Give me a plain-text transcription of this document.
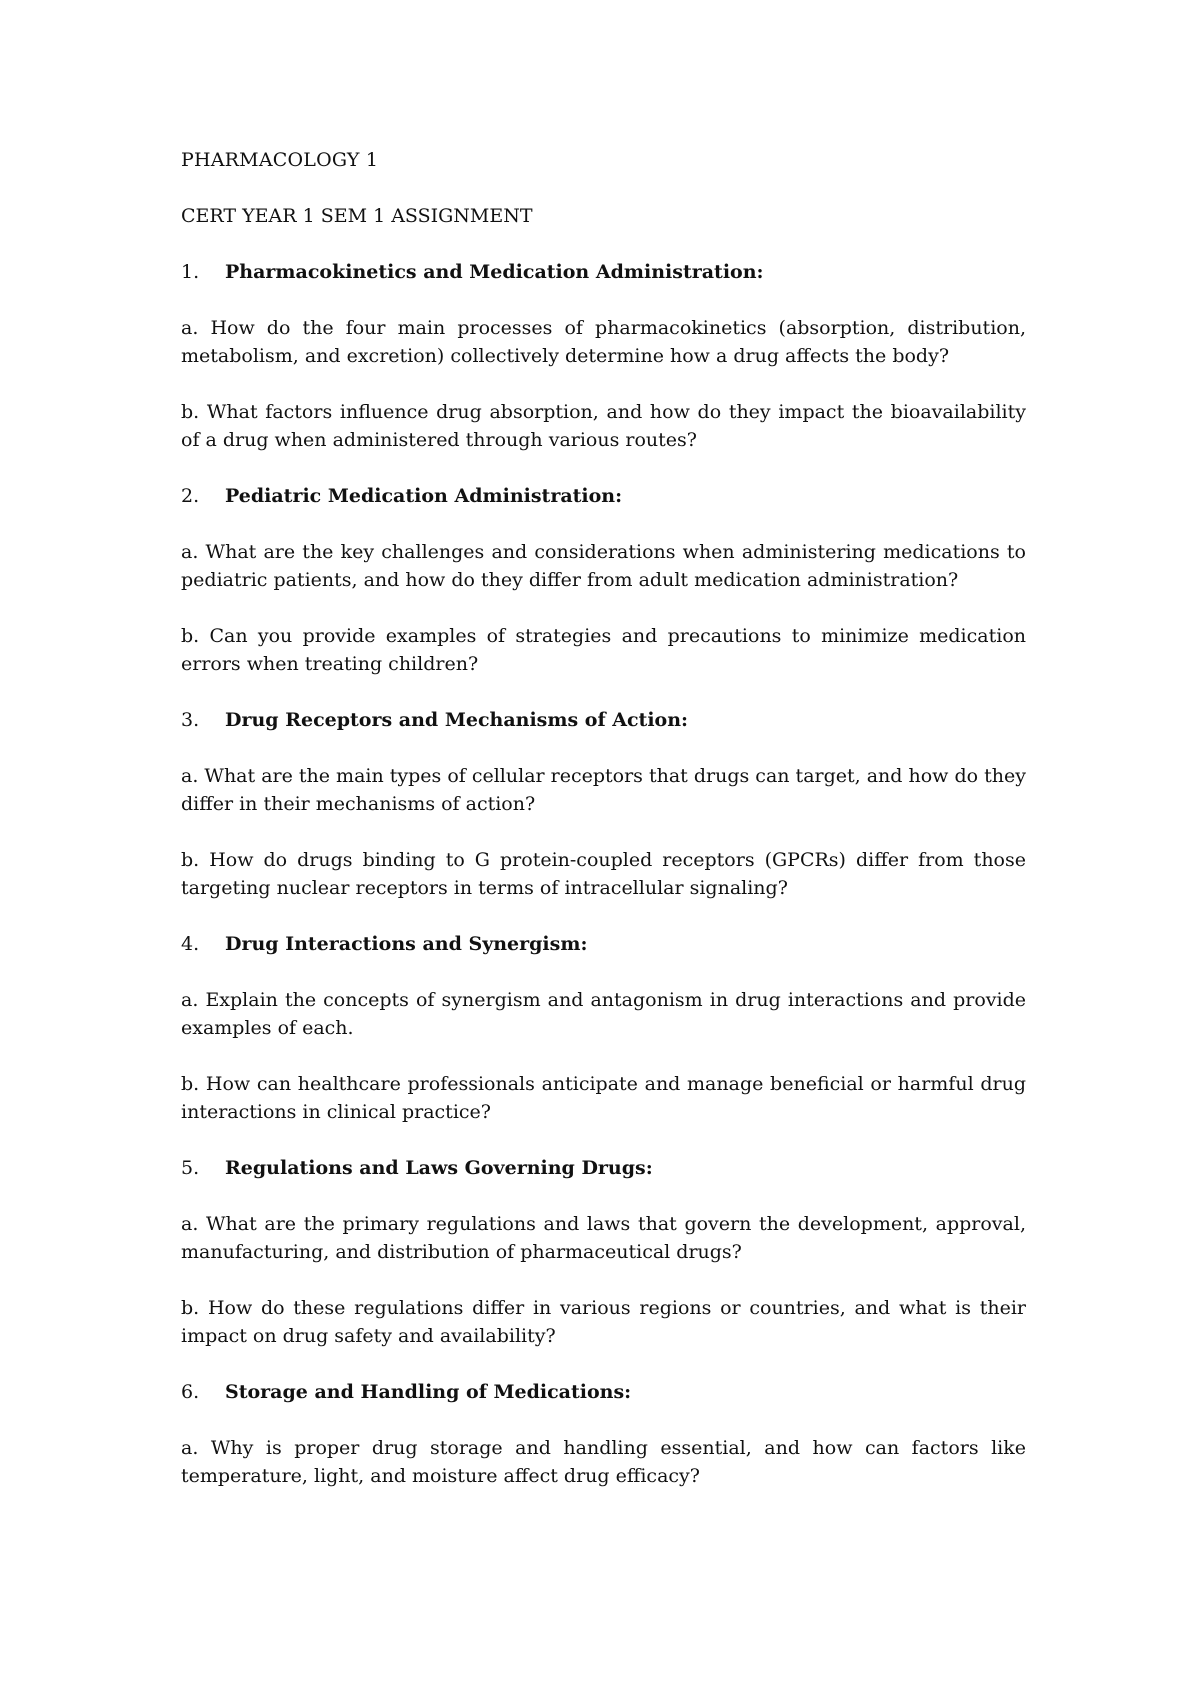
PHARMACOLOGY 1
CERT YEAR 1 SEM 1 ASSIGNMENT
1.	Pharmacokinetics and Medication Administration:

a. How do the four main processes of pharmacokinetics (absorption, distribution, metabolism, and excretion) collectively determine how a drug affects the body?

b. What factors influence drug absorption, and how do they impact the bioavailability of a drug when administered through various routes?

2.	Pediatric Medication Administration:

a. What are the key challenges and considerations when administering medications to pediatric patients, and how do they differ from adult medication administration?

b. Can you provide examples of strategies and precautions to minimize medication errors when treating children?

3.	Drug Receptors and Mechanisms of Action:

a. What are the main types of cellular receptors that drugs can target, and how do they differ in their mechanisms of action?

b. How do drugs binding to G protein-coupled receptors (GPCRs) differ from those targeting nuclear receptors in terms of intracellular signaling?

4.	Drug Interactions and Synergism:

a. Explain the concepts of synergism and antagonism in drug interactions and provide examples of each.

b. How can healthcare professionals anticipate and manage beneficial or harmful drug interactions in clinical practice?

5.	Regulations and Laws Governing Drugs:

a. What are the primary regulations and laws that govern the development, approval, manufacturing, and distribution of pharmaceutical drugs?

b. How do these regulations differ in various regions or countries, and what is their impact on drug safety and availability?

6.	Storage and Handling of Medications:

a. Why is proper drug storage and handling essential, and how can factors like temperature, light, and moisture affect drug efficacy?
